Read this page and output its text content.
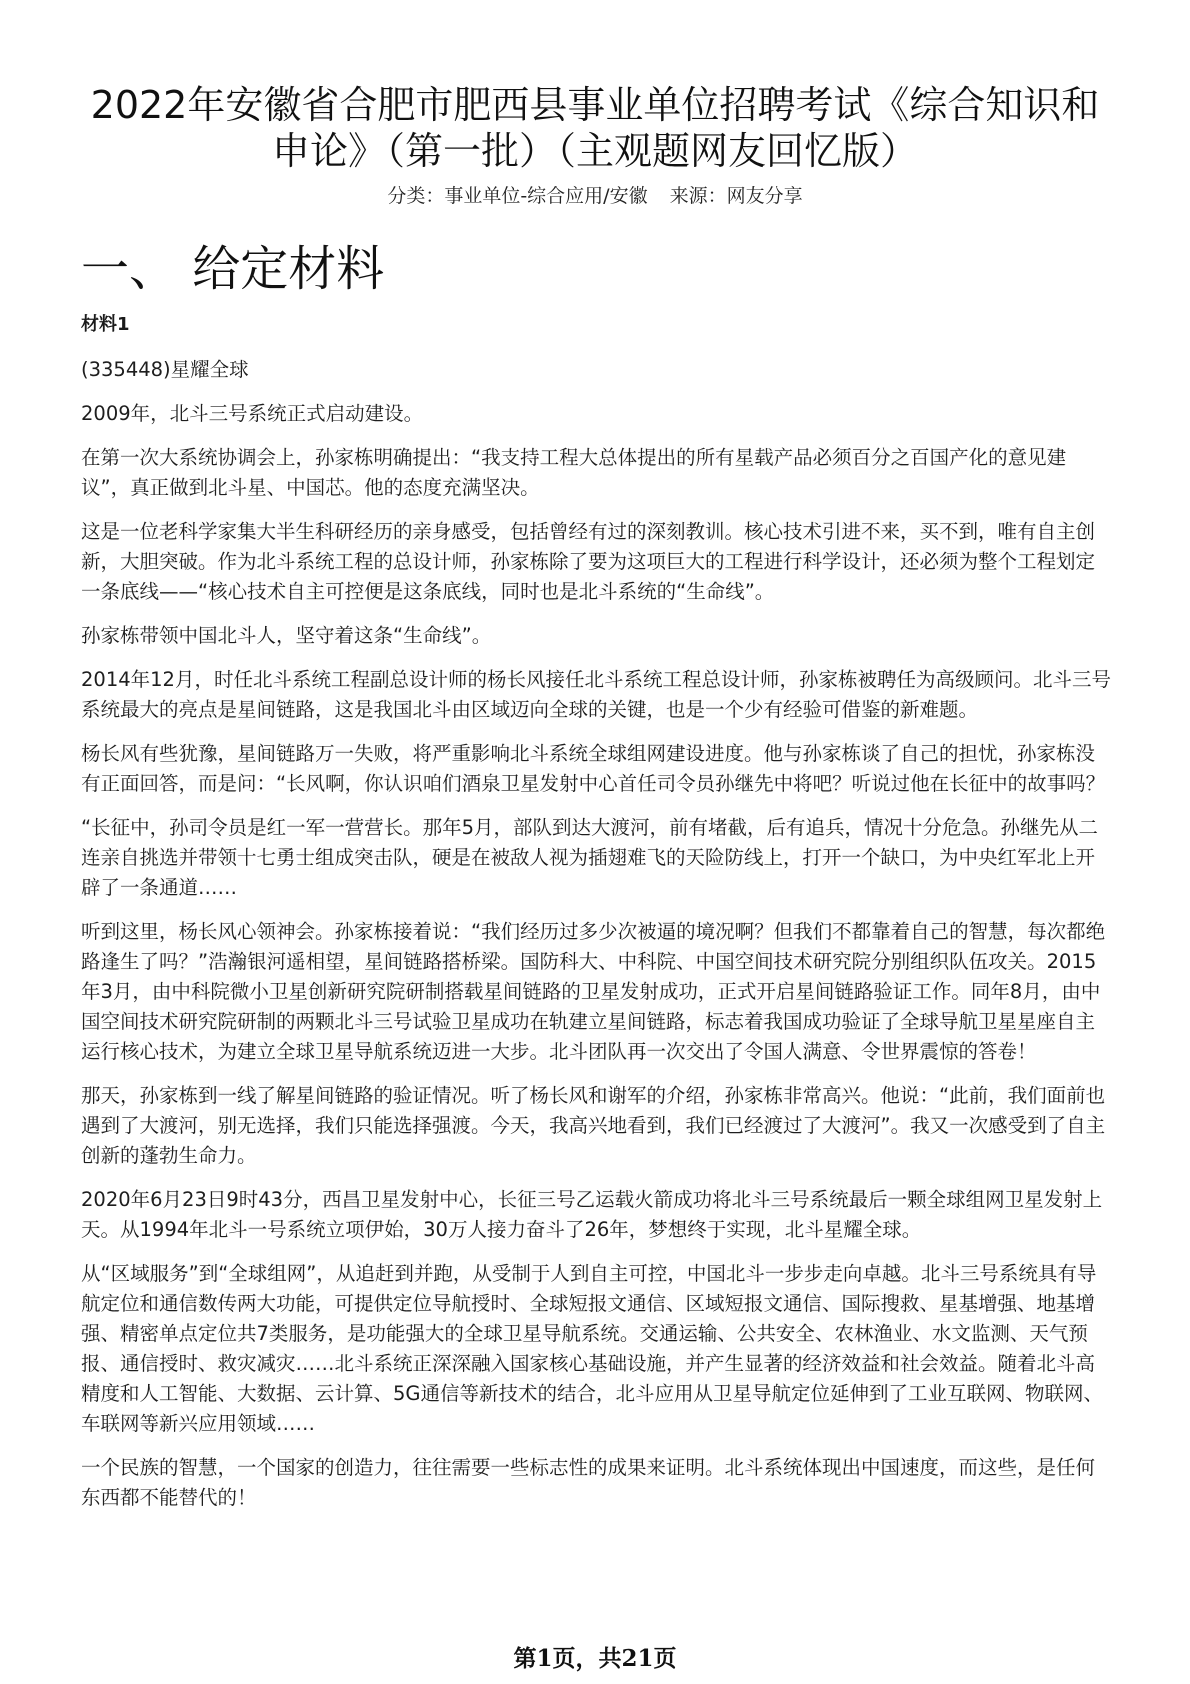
2022年安徽省合肥市肥西县事业单位招聘考试《综合知识和申论》（第一批）（主观题网友回忆版）
分类：事业单位-综合应用/安徽 来源：网友分享
一、 给定材料

材料1

(335448)星耀全球

2009年，北斗三号系统正式启动建设。

在第一次大系统协调会上，孙家栋明确提出：“我支持工程大总体提出的所有星载产品必须百分之百国产化的意见建议”，真正做到北斗星、中国芯。他的态度充满坚决。

这是一位老科学家集大半生科研经历的亲身感受，包括曾经有过的深刻教训。核心技术引进不来，买不到，唯有自主创新，大胆突破。作为北斗系统工程的总设计师，孙家栋除了要为这项巨大的工程进行科学设计，还必须为整个工程划定一条底线——“核心技术自主可控便是这条底线，同时也是北斗系统的“生命线”。

孙家栋带领中国北斗人，坚守着这条“生命线”。

2014年12月，时任北斗系统工程副总设计师的杨长风接任北斗系统工程总设计师，孙家栋被聘任为高级顾问。北斗三号系统最大的亮点是星间链路，这是我国北斗由区域迈向全球的关键，也是一个少有经验可借鉴的新难题。

杨长风有些犹豫，星间链路万一失败，将严重影响北斗系统全球组网建设进度。他与孙家栋谈了自己的担忧，孙家栋没有正面回答，而是问：“长风啊，你认识咱们酒泉卫星发射中心首任司令员孙继先中将吧？听说过他在长征中的故事吗？

“长征中，孙司令员是红一军一营营长。那年5月，部队到达大渡河，前有堵截，后有追兵，情况十分危急。孙继先从二连亲自挑选并带领十七勇士组成突击队，硬是在被敌人视为插翅难飞的天险防线上，打开一个缺口，为中央红军北上开辟了一条通道……

听到这里，杨长风心领神会。孙家栋接着说：“我们经历过多少次被逼的境况啊？但我们不都靠着自己的智慧，每次都绝路逢生了吗？”浩瀚银河遥相望，星间链路搭桥梁。国防科大、中科院、中国空间技术研究院分别组织队伍攻关。2015年3月，由中科院微小卫星创新研究院研制搭载星间链路的卫星发射成功，正式开启星间链路验证工作。同年8月，由中国空间技术研究院研制的两颗北斗三号试验卫星成功在轨建立星间链路，标志着我国成功验证了全球导航卫星星座自主运行核心技术，为建立全球卫星导航系统迈进一大步。北斗团队再一次交出了令国人满意、令世界震惊的答卷！

那天，孙家栋到一线了解星间链路的验证情况。听了杨长风和谢军的介绍，孙家栋非常高兴。他说：“此前，我们面前也遇到了大渡河，别无选择，我们只能选择强渡。今天，我高兴地看到，我们已经渡过了大渡河”。我又一次感受到了自主创新的蓬勃生命力。

2020年6月23日9时43分，西昌卫星发射中心，长征三号乙运载火箭成功将北斗三号系统最后一颗全球组网卫星发射上天。从1994年北斗一号系统立项伊始，30万人接力奋斗了26年，梦想终于实现，北斗星耀全球。

从“区域服务”到“全球组网”，从追赶到并跑，从受制于人到自主可控，中国北斗一步步走向卓越。北斗三号系统具有导航定位和通信数传两大功能，可提供定位导航授时、全球短报文通信、区域短报文通信、国际搜救、星基增强、地基增强、精密单点定位共7类服务，是功能强大的全球卫星导航系统。交通运输、公共安全、农林渔业、水文监测、天气预报、通信授时、救灾减灾……北斗系统正深深融入国家核心基础设施，并产生显著的经济效益和社会效益。随着北斗高精度和人工智能、大数据、云计算、5G通信等新技术的结合，北斗应用从卫星导航定位延伸到了工业互联网、物联网、车联网等新兴应用领域……

一个民族的智慧，一个国家的创造力，往往需要一些标志性的成果来证明。北斗系统体现出中国速度，而这些，是任何东西都不能替代的！

第1页，共21页
